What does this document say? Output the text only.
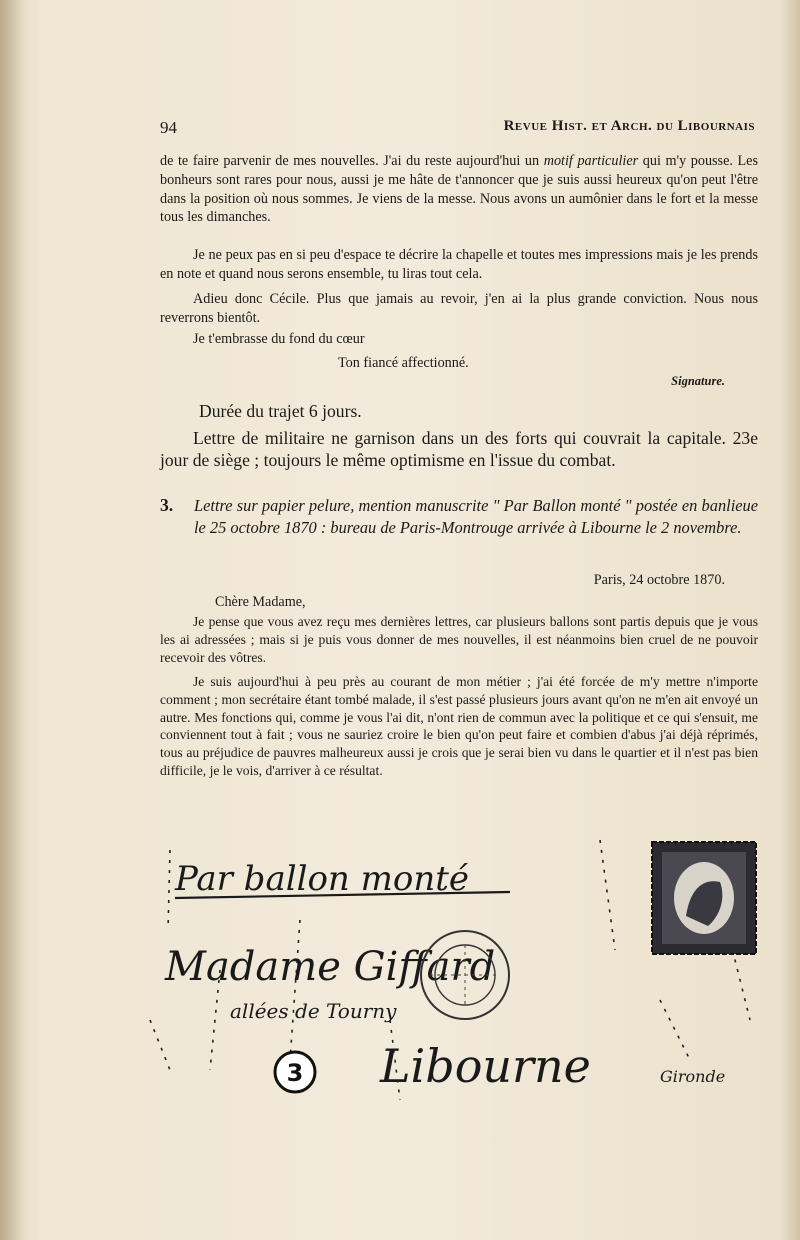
94	Revue Hist. et Arch. du Libournais

de te faire parvenir de mes nouvelles. J'ai du reste aujourd'hui un motif particulier qui m'y pousse. Les bonheurs sont rares pour nous, aussi je me hâte de t'annoncer que je suis aussi heureux qu'on peut l'être dans la position où nous sommes. Je viens de la messe. Nous avons un aumônier dans le fort et la messe tous les dimanches.

Je ne peux pas en si peu d'espace te décrire la chapelle et toutes mes impressions mais je les prends en note et quand nous serons ensemble, tu liras tout cela.

Adieu donc Cécile. Plus que jamais au revoir, j'en ai la plus grande conviction. Nous nous reverrons bientôt.

Je t'embrasse du fond du cœur

Ton fiancé affectionné.

Signature.

Durée du trajet 6 jours.

Lettre de militaire ne garnison dans un des forts qui couvrait la capitale. 23e jour de siège ; toujours le même optimisme en l'issue du combat.

3. Lettre sur papier pelure, mention manuscrite " Par Ballon monté " postée en banlieue le 25 octobre 1870 : bureau de Paris-Montrouge arrivée à Libourne le 2 novembre.

Paris, 24 octobre 1870.

Chère Madame,

Je pense que vous avez reçu mes dernières lettres, car plusieurs ballons sont partis depuis que je vous les ai adressées ; mais si je puis vous donner de mes nouvelles, il est néanmoins bien cruel de ne pouvoir recevoir des vôtres.

Je suis aujourd'hui à peu près au courant de mon métier ; j'ai été forcée de m'y mettre n'importe comment ; mon secrétaire étant tombé malade, il s'est passé plusieurs jours avant qu'on ne m'en ait envoyé un autre. Mes fonctions qui, comme je vous l'ai dit, n'ont rien de commun avec la politique et ce qui s'ensuit, me conviennent tout à fait ; vous ne sauriez croire le bien qu'on peut faire et combien d'abus j'ai déjà réprimés, tous au préjudice de pauvres malheureux aussi je crois que je serai bien vu dans le quartier et il n'est pas bien difficile, je le vois, d'arriver à ce résultat.

Par ballon monté
Madame Giffard
allées de Tourny
Libourne	Gironde
3
